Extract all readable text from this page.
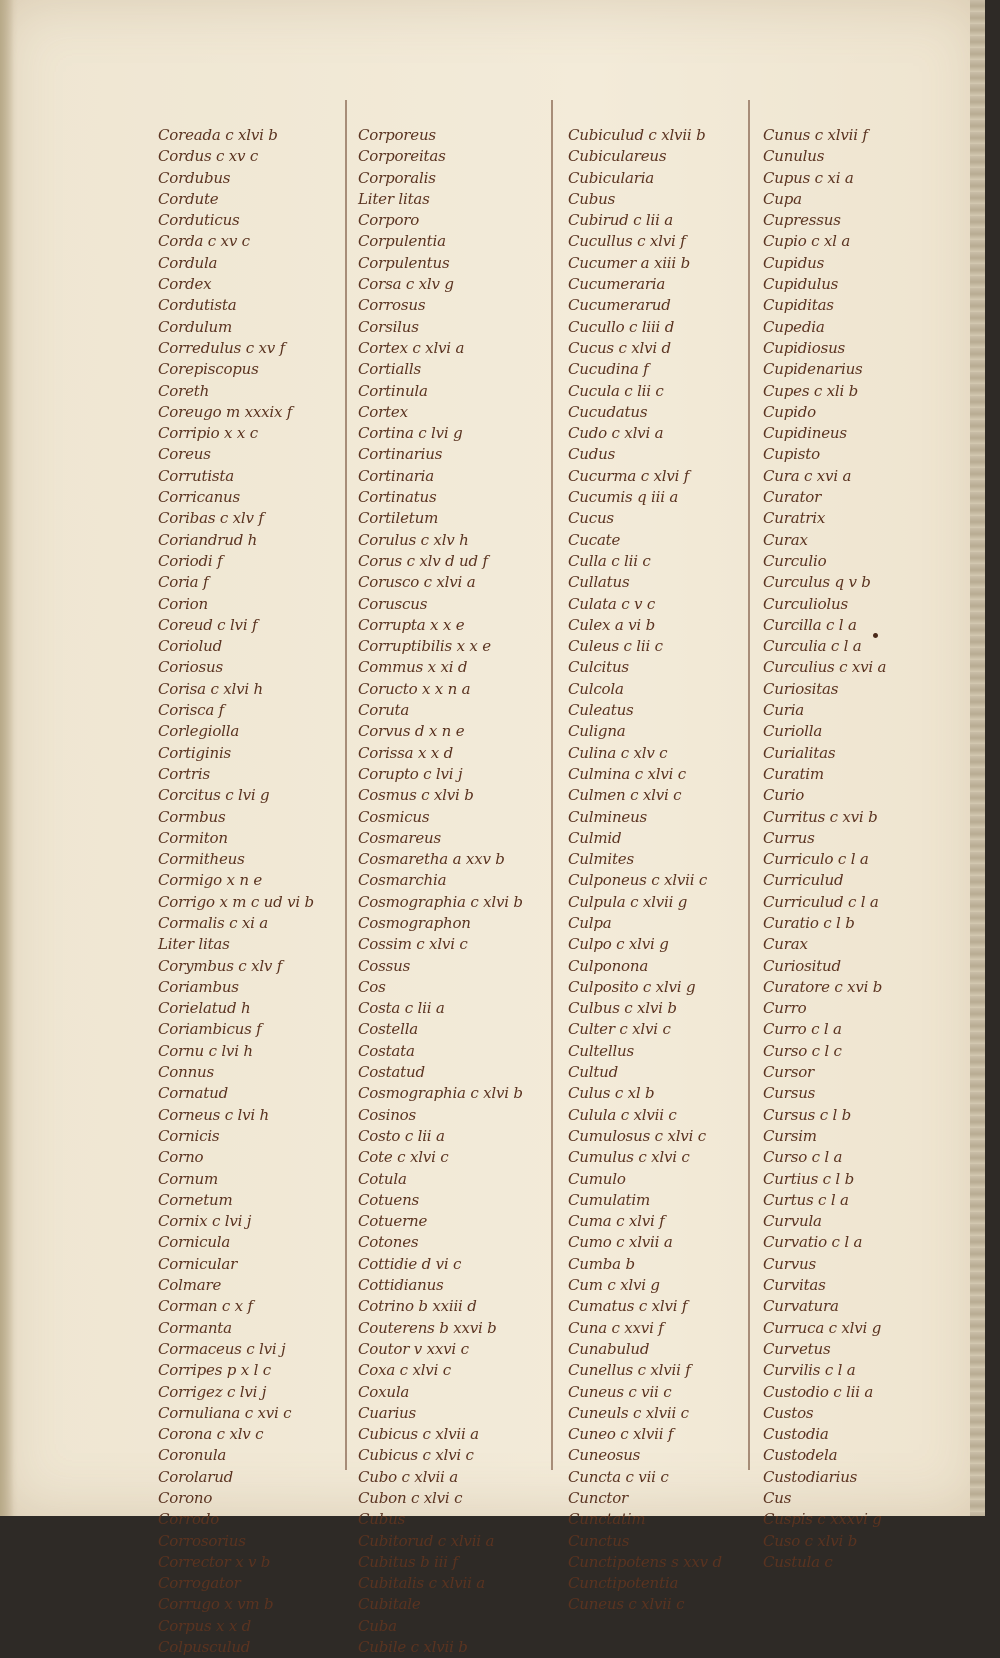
Coreada c xlvi b
Cordus c xv c
Cordubus
Cordute
Corduticus
Corda c xv c
Cordula
Cordex
Cordutista
Cordulum
Corredulus c xv f
Corepiscopus
Coreth
Coreugo m xxxix f
Corripio x x c
Coreus
Corrutista
Corricanus
Coribas c xlv f
Coriandrud h
Coriodi f
Coria f
Corion
Coreud c lvi f
Coriolud
Coriosus
Corisa c xlvi h
Corisca f
Corlegiolla
Cortiginis
Cortris
Corcitus c lvi g
Cormbus
Cormiton
Cormitheus
Cormigo x n e
Corrigo x m c ud vi b
Cormalis c xi a
Liter litas
Corymbus c xlv f
Coriambus
Corielatud h
Coriambicus f
Cornu c lvi h
Connus
Cornatud
Corneus c lvi h
Cornicis
Corno
Cornum
Cornetum
Cornix c lvi j
Cornicula
Cornicular
Colmare
Corman c x f
Cormanta
Cormaceus c lvi j
Corripes p x l c
Corrigez c lvi j
Cornuliana c xvi c
Corona c xlv c
Coronula
Corolarud
Corono
Corrodo
Corrosorius
Corrector x v b
Corrogator
Corrugo x vm b
Corpus x x d
Colpusculud
Corporeus
Corporeitas
Corporalis
Liter litas
Corporo
Corpulentia
Corpulentus
Corsa c xlv g
Corrosus
Corsilus
Cortex c xlvi a
Cortialls
Cortinula
Cortex
Cortina c lvi g
Cortinarius
Cortinaria
Cortinatus
Cortiletum
Corulus c xlv h
Corus c xlv d ud f
Corusco c xlvi a
Coruscus
Corrupta x x e
Corruptibilis x x e
Commus x xi d
Coructo x x n a
Coruta
Corvus d x n e
Corissa x x d
Corupto c lvi j
Cosmus c xlvi b
Cosmicus
Cosmareus
Cosmaretha a xxv b
Cosmarchia
Cosmographia c xlvi b
Cosmographon
Cossim c xlvi c
Cossus
Cos
Costa c lii a
Costella
Costata
Costatud
Cosmographia c xlvi b
Cosinos
Costo c lii a
Cote c xlvi c
Cotula
Cotuens
Cotuerne
Cotones
Cottidie d vi c
Cottidianus
Cotrino b xxiii d
Couterens b xxvi b
Coutor v xxvi c
Coxa c xlvi c
Coxula
Cuarius
Cubicus c xlvii a
Cubicus c xlvi c
Cubo c xlvii a
Cubon c xlvi c
Cubus
Cubitorud c xlvii a
Cubitus b iii f
Cubitalis c xlvii a
Cubitale
Cuba
Cubile c xlvii b
Cubiculud c xlvii b
Cubiculareus
Cubicularia
Cubus
Cubirud c lii a
Cucullus c xlvi f
Cucumer a xiii b
Cucumeraria
Cucumerarud
Cucullo c liii d
Cucus c xlvi d
Cucudina f
Cucula c lii c
Cucudatus
Cudo c xlvi a
Cudus
Cucurma c xlvi f
Cucumis q iii a
Cucus
Cucate
Culla c lii c
Cullatus
Culata c v c
Culex a vi b
Culeus c lii c
Culcitus
Culcola
Culeatus
Culigna
Culina c xlv c
Culmina c xlvi c
Culmen c xlvi c
Culmineus
Culmid
Culmites
Culponeus c xlvii c
Culpula c xlvii g
Culpa
Culpo c xlvi g
Culponona
Culposito c xlvi g
Culbus c xlvi b
Culter c xlvi c
Cultellus
Cultud
Culus c xl b
Culula c xlvii c
Cumulosus c xlvi c
Cumulus c xlvi c
Cumulo
Cumulatim
Cuma c xlvi f
Cumo c xlvii a
Cumba b
Cum c xlvi g
Cumatus c xlvi f
Cuna c xxvi f
Cunabulud
Cunellus c xlvii f
Cuneus c vii c
Cuneuls c xlvii c
Cuneo c xlvii f
Cuneosus
Cuncta c vii c
Cunctor
Cunctatim
Cunctus
Cunctipotens s xxv d
Cunctipotentia
Cuneus c xlvii c
Cunus c xlvii f
Cunulus
Cupus c xi a
Cupa
Cupressus
Cupio c xl a
Cupidus
Cupidulus
Cupiditas
Cupedia
Cupidiosus
Cupidenarius
Cupes c xli b
Cupido
Cupidineus
Cupisto
Cura c xvi a
Curator
Curatrix
Curax
Curculio
Curculus q v b
Curculiolus
Curcilla c l a
Curculia c l a
Curculius c xvi a
Curiositas
Curia
Curiolla
Curialitas
Curatim
Curio
Curritus c xvi b
Currus
Curriculo c l a
Curriculud
Curriculud c l a
Curatio c l b
Curax
Curiositud
Curatore c xvi b
Curro
Curro c l a
Curso c l c
Cursor
Cursus
Cursus c l b
Cursim
Curso c l a
Curtius c l b
Curtus c l a
Curvula
Curvatio c l a
Curvus
Curvitas
Curvatura
Curruca c xlvi g
Curvetus
Curvilis c l a
Custodio c lii a
Custos
Custodia
Custodela
Custodiarius
Cus
Cuspis c xxxvi g
Cuso c xlvi b
Custula c
